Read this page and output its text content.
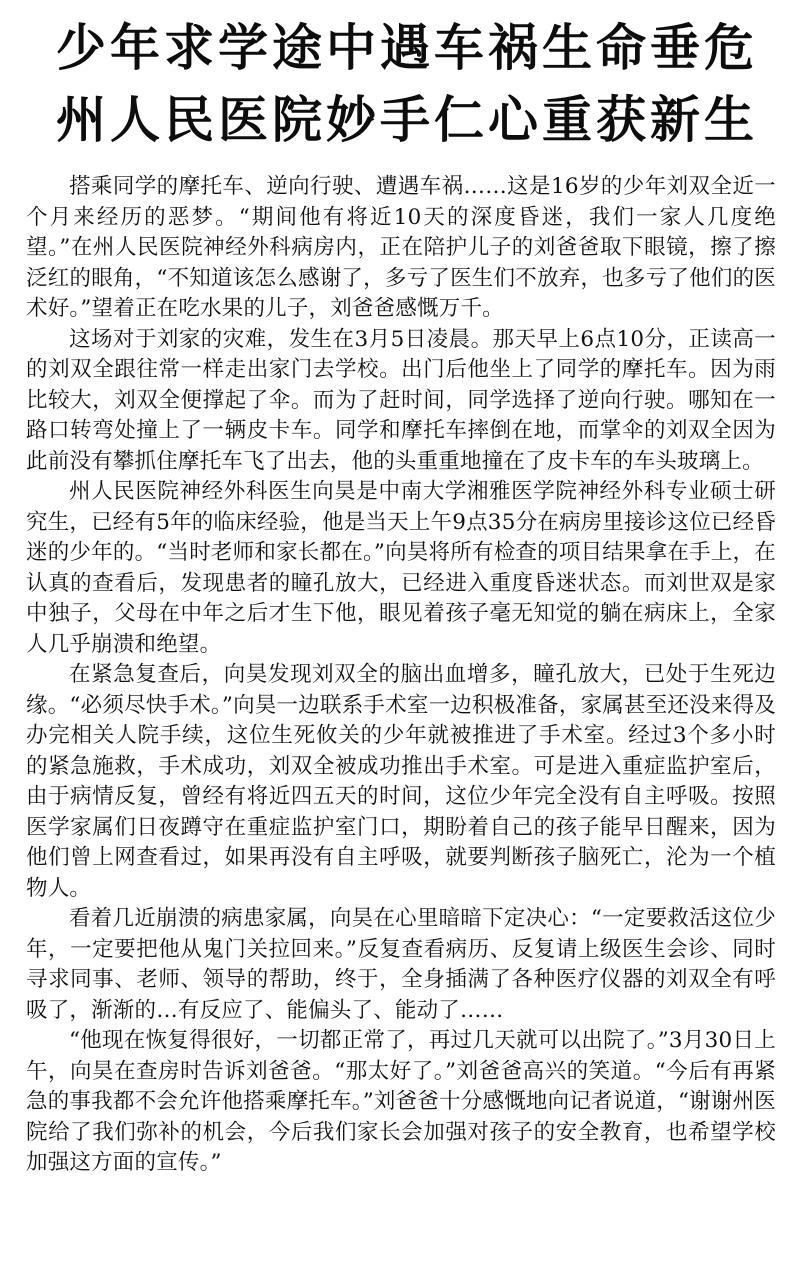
少年求学途中遇车祸生命垂危
州人民医院妙手仁心重获新生

搭乘同学的摩托车、逆向行驶、遭遇车祸……这是16岁的少年刘双全近一个月来经历的恶梦。“期间他有将近10天的深度昏迷，我们一家人几度绝望。”在州人民医院神经外科病房内，正在陪护儿子的刘爸爸取下眼镜，擦了擦泛红的眼角，“不知道该怎么感谢了，多亏了医生们不放弃，也多亏了他们的医术好。”望着正在吃水果的儿子，刘爸爸感慨万千。

这场对于刘家的灾难，发生在3月5日凌晨。那天早上6点10分，正读高一的刘双全跟往常一样走出家门去学校。出门后他坐上了同学的摩托车。因为雨比较大，刘双全便撑起了伞。而为了赶时间，同学选择了逆向行驶。哪知在一路口转弯处撞上了一辆皮卡车。同学和摩托车摔倒在地，而掌伞的刘双全因为此前没有攀抓住摩托车飞了出去，他的头重重地撞在了皮卡车的车头玻璃上。

州人民医院神经外科医生向昊是中南大学湘雅医学院神经外科专业硕士研究生，已经有5年的临床经验，他是当天上午9点35分在病房里接诊这位已经昏迷的少年的。“当时老师和家长都在。”向昊将所有检查的项目结果拿在手上，在认真的查看后，发现患者的瞳孔放大，已经进入重度昏迷状态。而刘世双是家中独子，父母在中年之后才生下他，眼见着孩子毫无知觉的躺在病床上，全家人几乎崩溃和绝望。

在紧急复查后，向昊发现刘双全的脑出血增多，瞳孔放大，已处于生死边缘。“必须尽快手术。”向昊一边联系手术室一边积极准备，家属甚至还没来得及办完相关人院手续，这位生死攸关的少年就被推进了手术室。经过3个多小时的紧急施救，手术成功，刘双全被成功推出手术室。可是进入重症监护室后，由于病情反复，曾经有将近四五天的时间，这位少年完全没有自主呼吸。按照医学家属们日夜蹲守在重症监护室门口，期盼着自己的孩子能早日醒来，因为他们曾上网查看过，如果再没有自主呼吸，就要判断孩子脑死亡，沦为一个植物人。

看着几近崩溃的病患家属，向昊在心里暗暗下定决心：“一定要救活这位少年，一定要把他从鬼门关拉回来。”反复查看病历、反复请上级医生会诊、同时寻求同事、老师、领导的帮助，终于，全身插满了各种医疗仪器的刘双全有呼吸了，渐渐的…有反应了、能偏头了、能动了……

“他现在恢复得很好，一切都正常了，再过几天就可以出院了。”3月30日上午，向昊在查房时告诉刘爸爸。“那太好了。”刘爸爸高兴的笑道。“今后有再紧急的事我都不会允许他搭乘摩托车。”刘爸爸十分感慨地向记者说道，“谢谢州医院给了我们弥补的机会，今后我们家长会加强对孩子的安全教育，也希望学校加强这方面的宣传。”
